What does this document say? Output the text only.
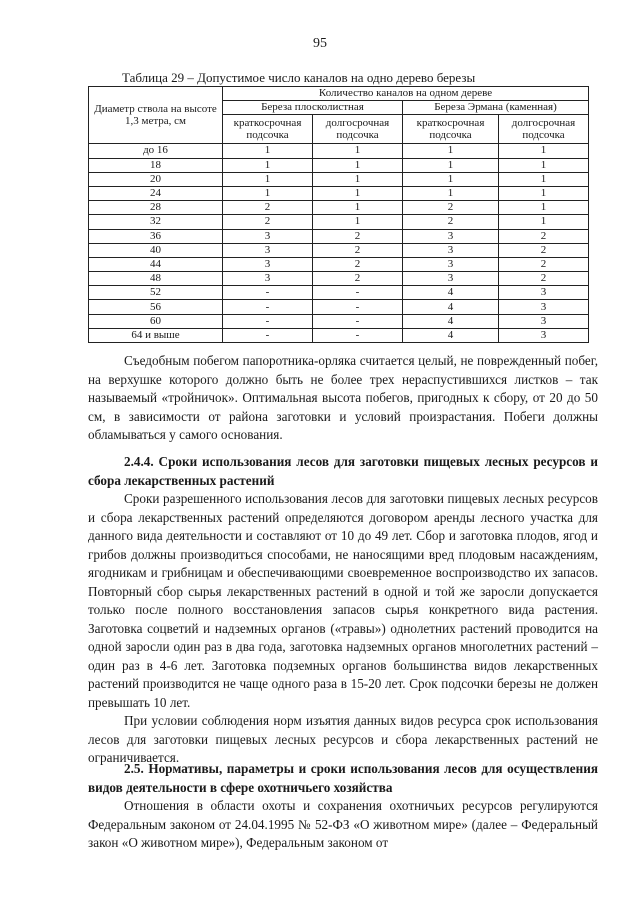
95
Таблица 29 – Допустимое число каналов на одно дерево березы
Диаметр ствола на высоте 1,3 метра, см	Количество каналов на одном дереве			
	Береза плосколистная		Береза Эрмана (каменная)	
	краткосрочная подсочка	долгосрочная подсочка	краткосрочная подсочка	долгосрочная подсочка
до 16	1	1	1	1
18	1	1	1	1
20	1	1	1	1
24	1	1	1	1
28	2	1	2	1
32	2	1	2	1
36	3	2	3	2
40	3	2	3	2
44	3	2	3	2
48	3	2	3	2
52	-	-	4	3
56	-	-	4	3
60	-	-	4	3
64 и выше	-	-	4	3

Съедобным побегом папоротника-орляка считается целый, не поврежденный побег, на верхушке которого должно быть не более трех нераспустившихся листков – так называемый «тройничок». Оптимальная высота побегов, пригодных к сбору, от 20 до 50 см, в зависимости от района заготовки и условий произрастания. Побеги должны обламываться у самого основания.

2.4.4. Сроки использования лесов для заготовки пищевых лесных ресурсов и сбора лекарственных растений

Сроки разрешенного использования лесов для заготовки пищевых лесных ресурсов и сбора лекарственных растений определяются договором аренды лесного участка для данного вида деятельности и составляют от 10 до 49 лет. Сбор и заготовка плодов, ягод и грибов должны производиться способами, не наносящими вред плодовым насаждениям, ягодникам и грибницам и обеспечивающими своевременное воспроизводство их запасов. Повторный сбор сырья лекарственных растений в одной и той же заросли допускается только после полного восстановления запасов сырья конкретного вида растения. Заготовка соцветий и надземных органов («травы») однолетних растений проводится на одной заросли один раз в два года, заготовка надземных органов многолетних растений – один раз в 4-6 лет. Заготовка подземных органов большинства видов лекарственных растений производится не чаще одного раза в 15-20 лет. Срок подсочки березы не должен превышать 10 лет.

При условии соблюдения норм изъятия данных видов ресурса срок использования лесов для заготовки пищевых лесных ресурсов и сбора лекарственных растений не ограничивается.

2.5. Нормативы, параметры и сроки использования лесов для осуществления видов деятельности в сфере охотничьего хозяйства

Отношения в области охоты и сохранения охотничьих ресурсов регулируются Федеральным законом от 24.04.1995 № 52-ФЗ «О животном мире» (далее – Федеральный закон «О животном мире»), Федеральным законом от
